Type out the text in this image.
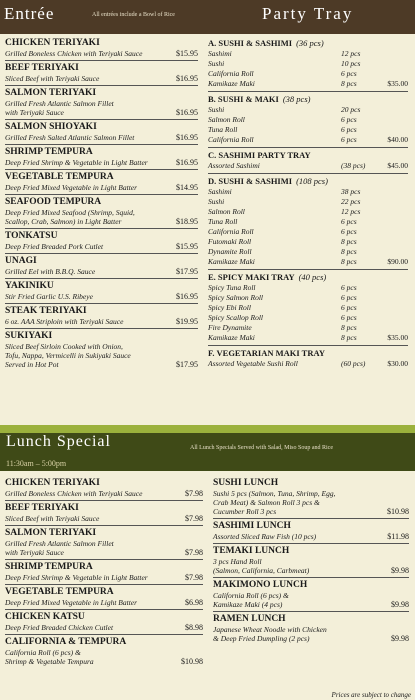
Entrée	All entrées include a Bowl of Rice	Party Tray
CHICKEN TERIYAKI
Grilled Boneless Chicken with Teriyaki Sauce	$15.95
BEEF TERIYAKI
Sliced Beef with Teriyaki Sauce	$16.95
SALMON TERIYAKI
Grilled Fresh Atlantic Salmon Fillet
with Teriyaki Sauce	$16.95
SALMON SHIOYAKI
Grilled Fresh Salted Atlantic Salmon Fillet	$16.95
SHRIMP TEMPURA
Deep Fried Shrimp & Vegetable in Light Batter	$16.95
VEGETABLE TEMPURA
Deep Fried Mixed Vegetable in Light Batter	$14.95
SEAFOOD TEMPURA
Deep Fried Mixed Seafood (Shrimp, Squid,
Scallop, Crab, Salmon) in Light Batter	$18.95
TONKATSU
Deep Fried Breaded Pork Cutlet	$15.95
UNAGI
Grilled Eel with B.B.Q. Sauce	$17.95
YAKINIKU
Stir Fried Garlic U.S. Ribeye	$16.95
STEAK TERIYAKI
6 oz. AAA Striploin with Teriyaki Sauce	$19.95
SUKIYAKI
Sliced Beef Sirloin Cooked with Onion,
Tofu, Nappa, Vermicelli in Sukiyaki Sauce
Served in Hot Pot	$17.95
A. SUSHI & SASHIMI (36 pcs)
Sashimi	12 pcs
Sushi	10 pcs
California Roll	6 pcs
Kamikaze Maki	8 pcs	$35.00
B. SUSHI & MAKI (38 pcs)
Sushi	20 pcs
Salmon Roll	6 pcs
Tuna Roll	6 pcs
California Roll	6 pcs	$40.00
C. SASHIMI PARTY TRAY
Assorted Sashimi	(38 pcs)	$45.00
D. SUSHI & SASHIMI (108 pcs)
Sashimi	38 pcs
Sushi	22 pcs
Salmon Roll	12 pcs
Tuna Roll	6 pcs
California Roll	6 pcs
Futomaki Roll	8 pcs
Dynamite Roll	8 pcs
Kamikaze Maki	8 pcs	$90.00
E. SPICY MAKI TRAY (40 pcs)
Spicy Tuna Roll	6 pcs
Spicy Salmon Roll	6 pcs
Spicy Ebi Roll	6 pcs
Spicy Scallop Roll	6 pcs
Fire Dynamite	8 pcs
Kamikaze Maki	8 pcs	$35.00
F. VEGETARIAN MAKI TRAY
Assorted Vegetable Sushi Roll	(60 pcs)	$30.00
Lunch Special	All Lunch Specials Served with Salad, Miso Soup and Rice
11:30am – 5:00pm
CHICKEN TERIYAKI
Grilled Boneless Chicken with Teriyaki Sauce	$7.98
BEEF TERIYAKI
Sliced Beef with Teriyaki Sauce	$7.98
SALMON TERIYAKI
Grilled Fresh Atlantic Salmon Fillet
with Teriyaki Sauce	$7.98
SHRIMP TEMPURA
Deep Fried Shrimp & Vegetable in Light Batter	$7.98
VEGETABLE TEMPURA
Deep Fried Mixed Vegetable in Light Batter	$6.98
CHICKEN KATSU
Deep Fried Breaded Chicken Cutlet	$8.98
CALIFORNIA & TEMPURA
California Roll (6 pcs) &
Shrimp & Vegetable Tempura	$10.98
SUSHI LUNCH
Sushi 5 pcs (Salmon, Tuna, Shrimp, Egg,
Crab Meat) & Salmon Roll 3 pcs &
Cucumber Roll 3 pcs	$10.98
SASHIMI LUNCH
Assorted Sliced Raw Fish (10 pcs)	$11.98
TEMAKI LUNCH
3 pcs Hand Roll
(Salmon, California, Carbmeat)	$9.98
MAKIMONO LUNCH
California Roll (6 pcs) &
Kamikaze Maki (4 pcs)	$9.98
RAMEN LUNCH
Japanese Wheat Noodle with Chicken
& Deep Fried Dumpling (2 pcs)	$9.98
Prices are subject to change
